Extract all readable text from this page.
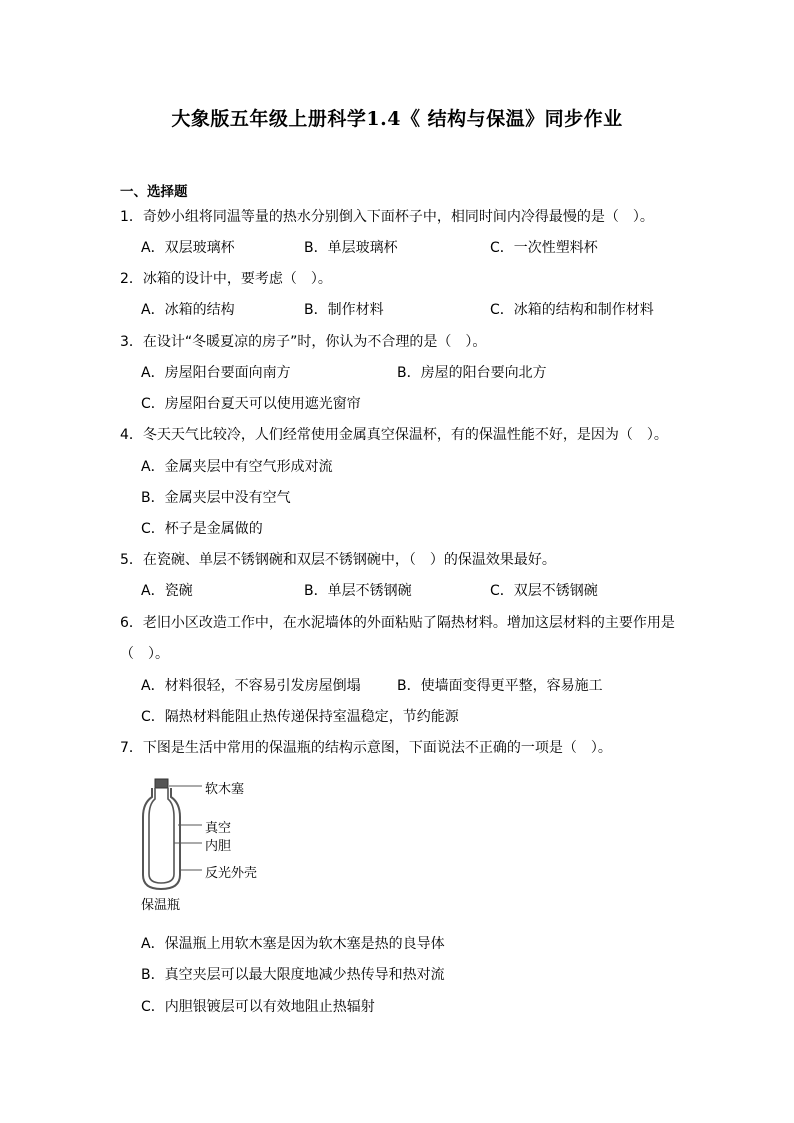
大象版五年级上册科学1.4《 结构与保温》同步作业
一、选择题
1．奇妙小组将同温等量的热水分别倒入下面杯子中，相同时间内冷得最慢的是（　）。
A．双层玻璃杯	B．单层玻璃杯	C．一次性塑料杯
2．冰箱的设计中，要考虑（　）。
A．冰箱的结构	B．制作材料	C．冰箱的结构和制作材料
3．在设计“冬暖夏凉的房子”时，你认为不合理的是（　）。
A．房屋阳台要面向南方	B．房屋的阳台要向北方
C．房屋阳台夏天可以使用遮光窗帘
4．冬天天气比较冷，人们经常使用金属真空保温杯，有的保温性能不好，是因为（　）。
A．金属夹层中有空气形成对流
B．金属夹层中没有空气
C．杯子是金属做的
5．在瓷碗、单层不锈钢碗和双层不锈钢碗中，（　）的保温效果最好。
A．瓷碗	B．单层不锈钢碗	C．双层不锈钢碗
6．老旧小区改造工作中，在水泥墙体的外面粘贴了隔热材料。增加这层材料的主要作用是
（　）。
A．材料很轻，不容易引发房屋倒塌	B．使墙面变得更平整，容易施工
C．隔热材料能阻止热传递保持室温稳定，节约能源
7．下图是生活中常用的保温瓶的结构示意图，下面说法不正确的一项是（　）。
软木塞
真空
内胆
反光外壳
保温瓶
A．保温瓶上用软木塞是因为软木塞是热的良导体
B．真空夹层可以最大限度地减少热传导和热对流
C．内胆银镀层可以有效地阻止热辐射
